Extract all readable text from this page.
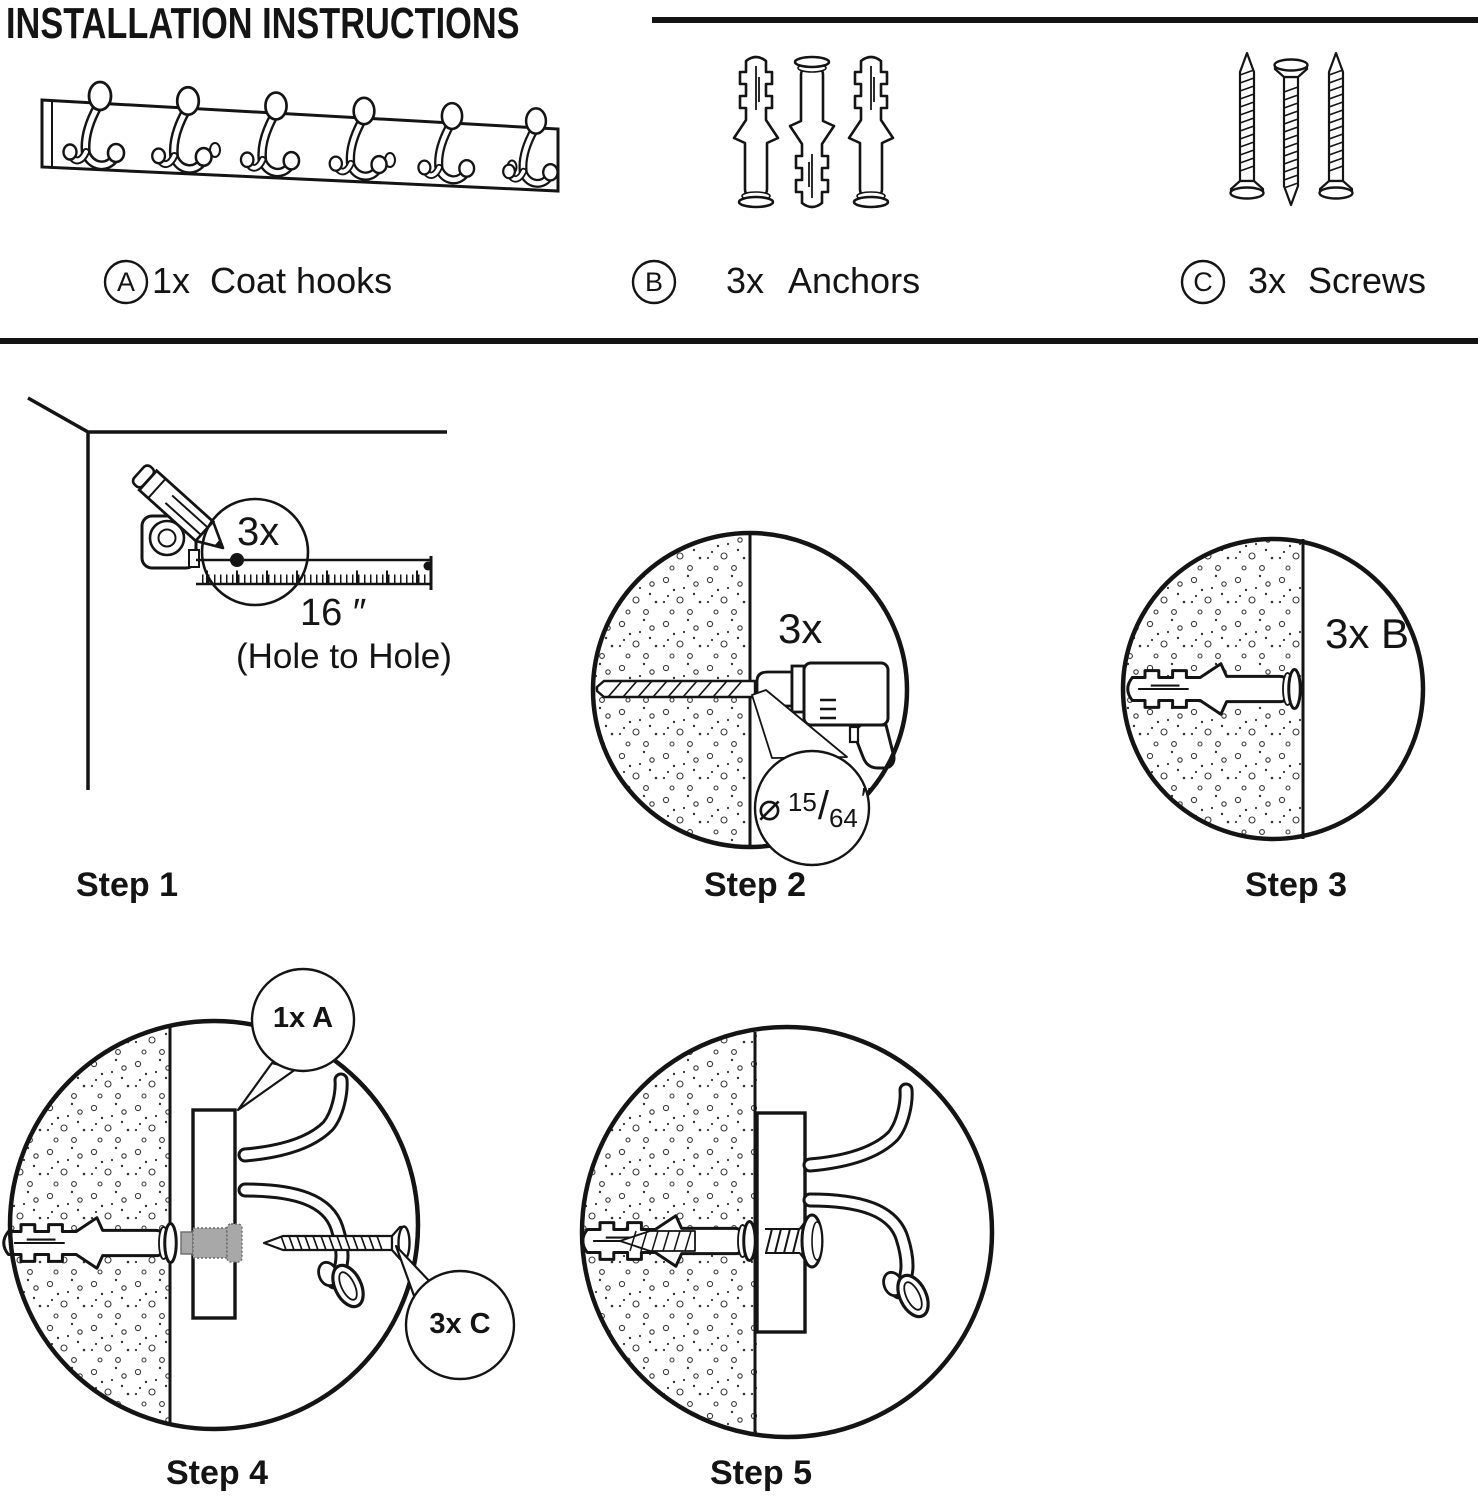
INSTALLATION INSTRUCTIONS
A 1x Coat hooks	B	3x Anchors	C 3x Screws
3x
16 ″
(Hole to Hole)
Step 1
3x
⌀ 15/64″
Step 2
3x B
Step 3
1x A
3x C
Step 4	Step 5
